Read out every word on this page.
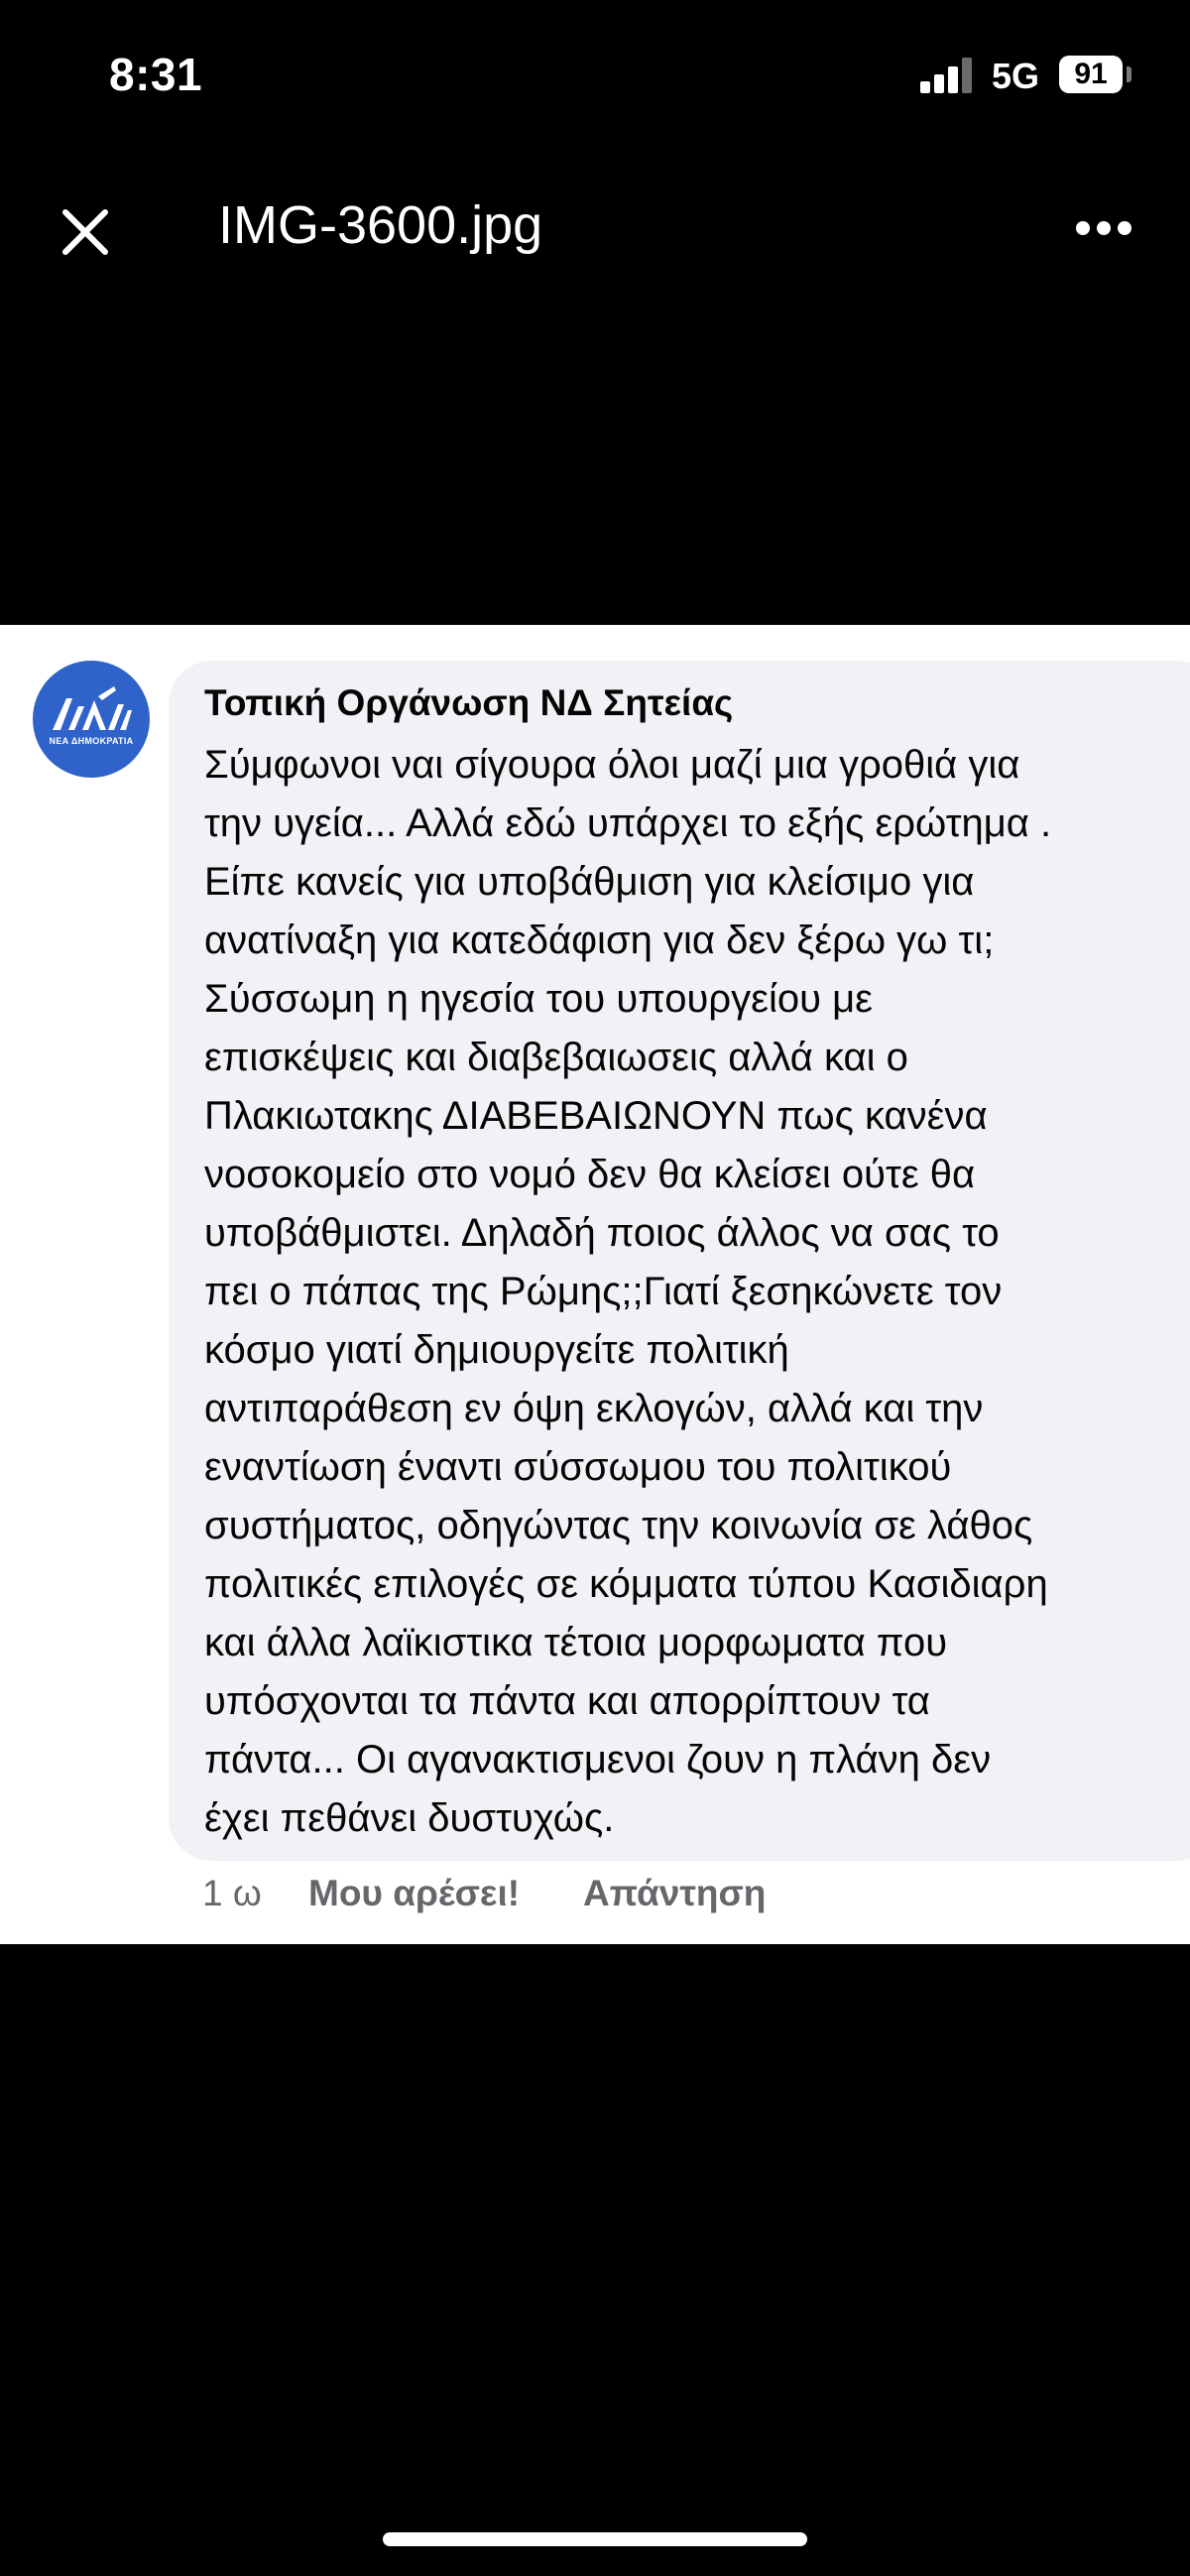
8:31	5G	91
IMG-3600.jpg
ΝΕΑ ΔΗΜΟΚΡΑΤΙΑ
Τοπική Οργάνωση ΝΔ Σητείας
Σύμφωνοι ναι σίγουρα όλοι μαζί μια γροθιά για
την υγεία... Αλλά εδώ υπάρχει το εξής ερώτημα .
Είπε κανείς για υποβάθμιση για κλείσιμο για
ανατίναξη για κατεδάφιση για δεν ξέρω γω τι;
Σύσσωμη η ηγεσία του υπουργείου με
επισκέψεις και διαβεβαιωσεις αλλά και ο
Πλακιωτακης ΔΙΑΒΕΒΑΙΩΝΟΥΝ πως κανένα
νοσοκομείο στο νομό δεν θα κλείσει ούτε θα
υποβάθμιστει. Δηλαδή ποιος άλλος να σας το
πει ο πάπας της Ρώμης;;Γιατί ξεσηκώνετε τον
κόσμο γιατί δημιουργείτε πολιτική
αντιπαράθεση εν όψη εκλογών, αλλά και την
εναντίωση έναντι σύσσωμου του πολιτικού
συστήματος, οδηγώντας την κοινωνία σε λάθος
πολιτικές επιλογές σε κόμματα τύπου Κασιδιαρη
και άλλα λαϊκιστικα τέτοια μορφωματα που
υπόσχονται τα πάντα και απορρίπτουν τα
πάντα... Οι αγανακτισμενοι ζουν η πλάνη δεν
έχει πεθάνει δυστυχώς.
1 ω Μου αρέσει! Απάντηση
